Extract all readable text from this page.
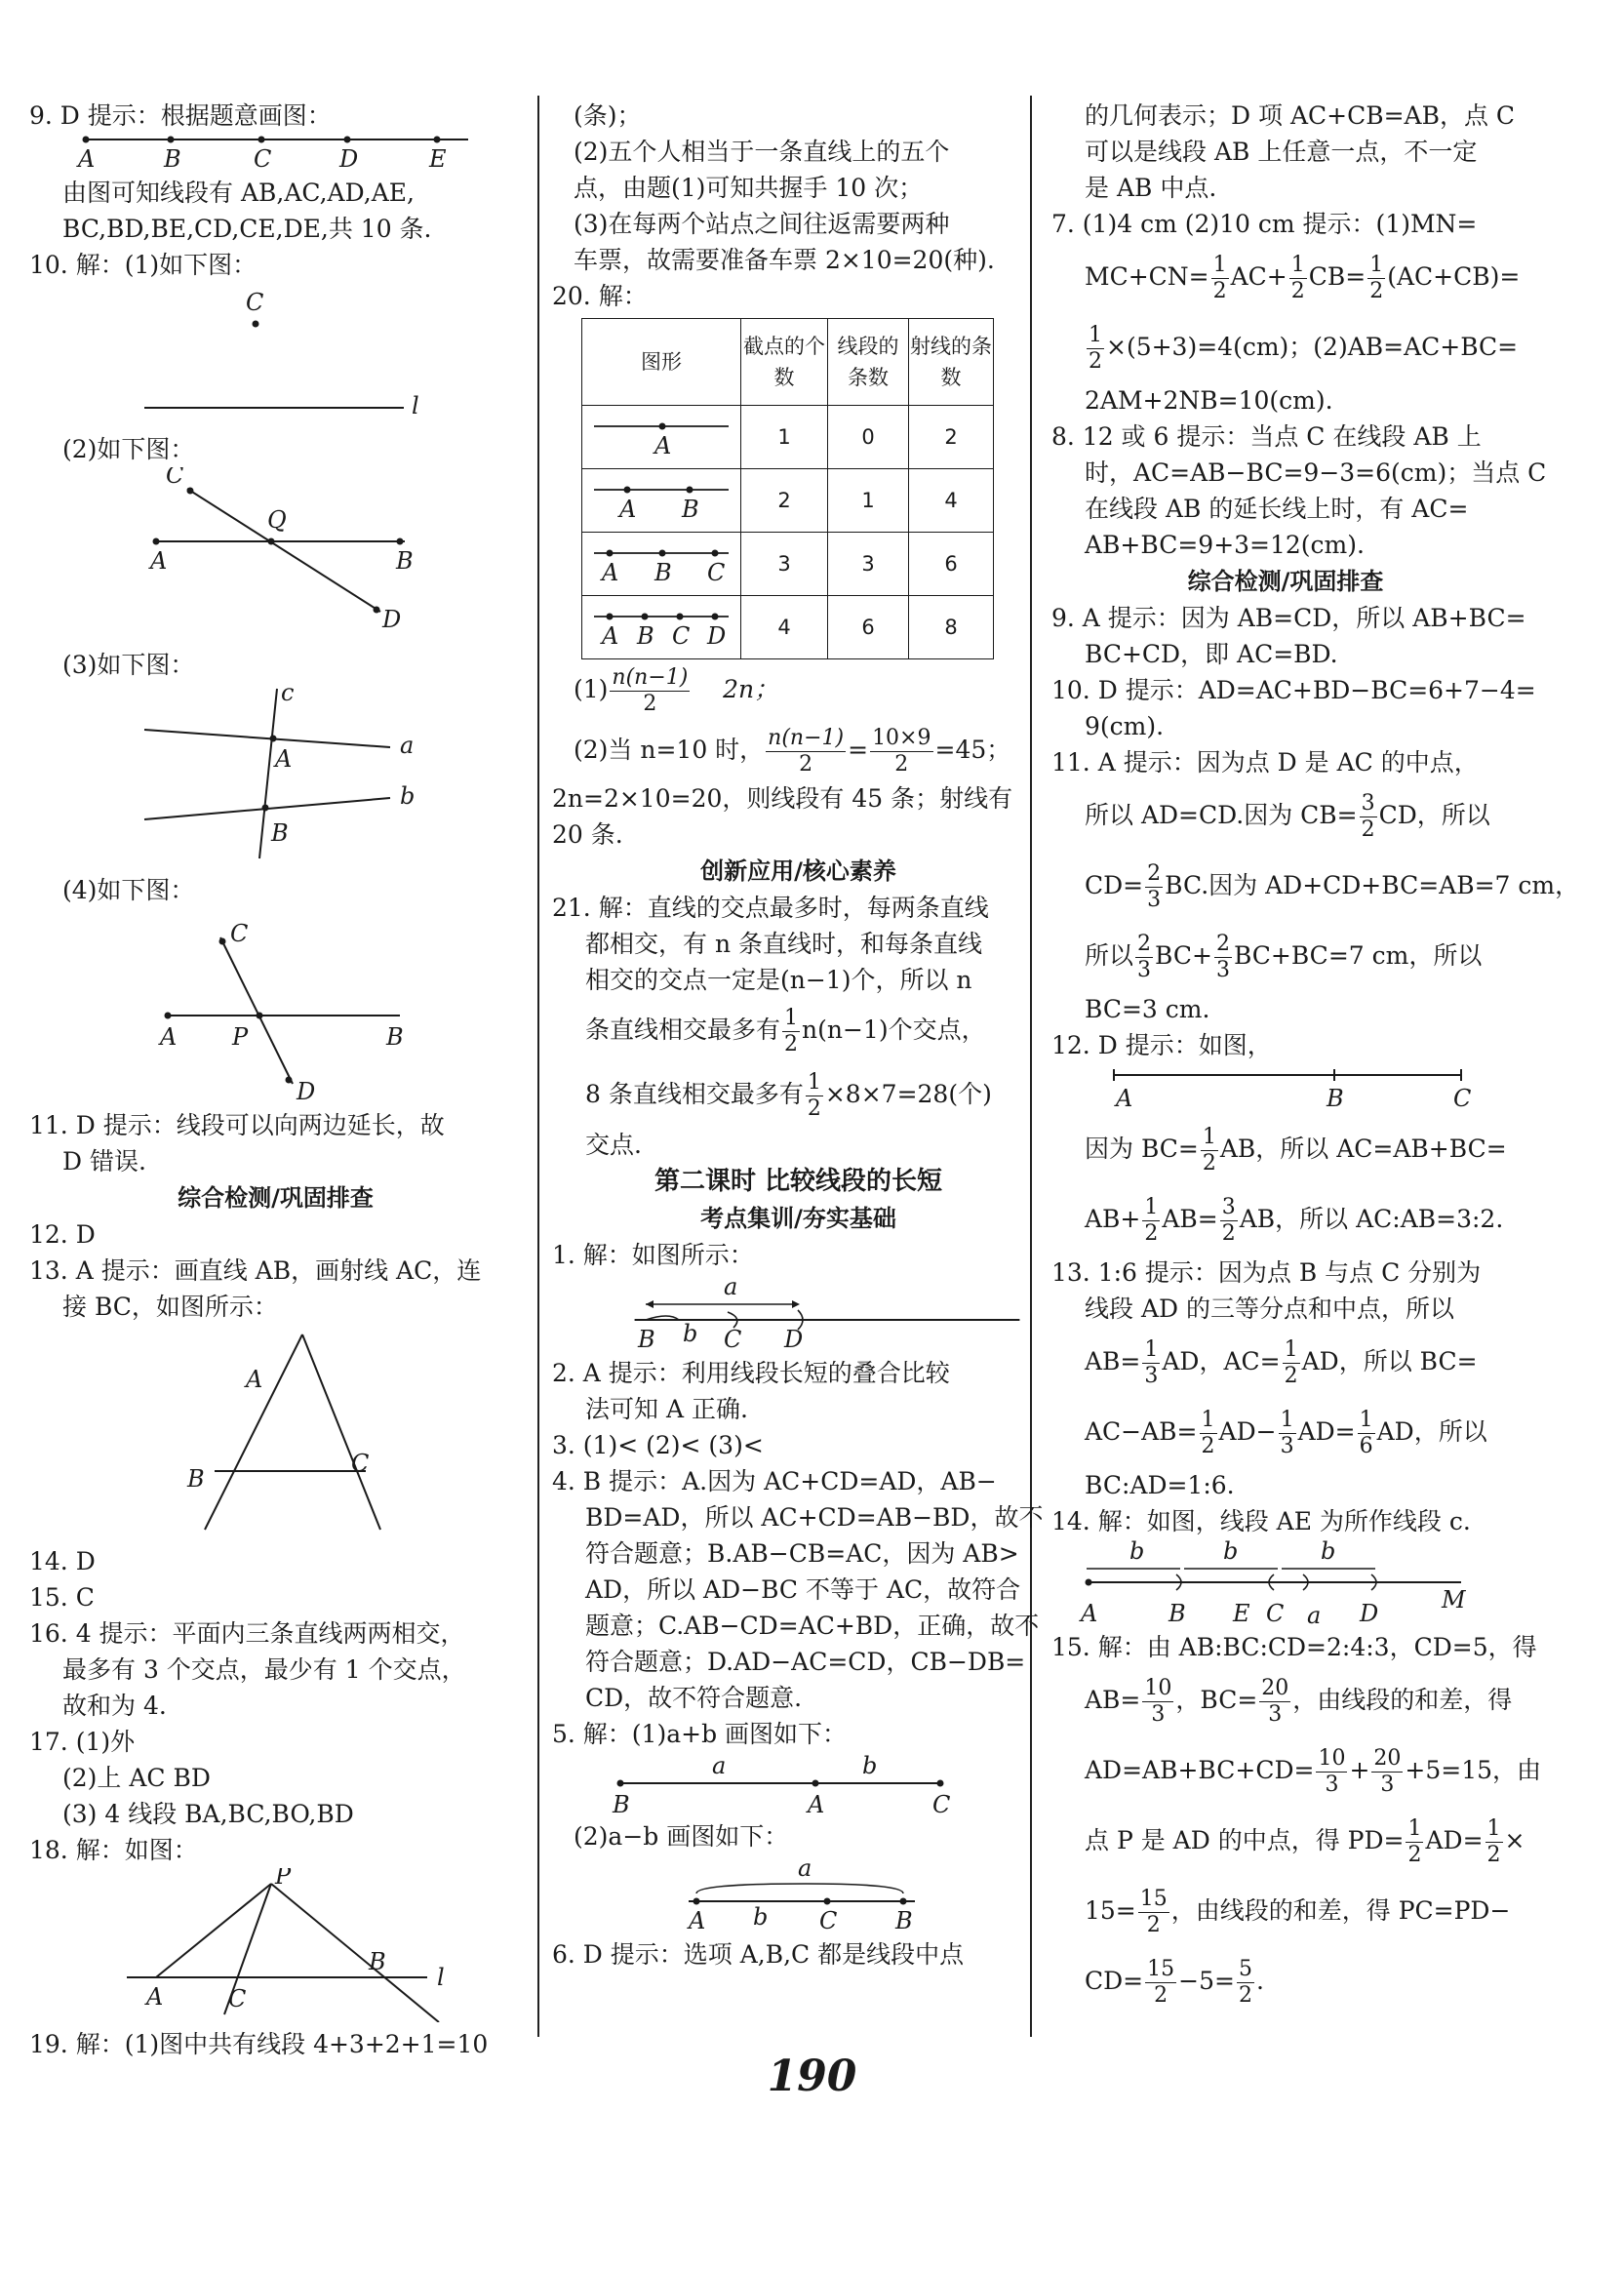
9. D 提示：根据题意画图：
A	B	C	D	E
由图可知线段有 AB,AC,AD,AE,
BC,BD,BE,CD,CE,DE,共 10 条.
10. 解：(1)如下图：
C
l
(2)如下图：
C
Q
A	B
D
(3)如下图：
c
a
A
b
B
(4)如下图：
C
A P	B
D
11. D 提示：线段可以向两边延长，故
D 错误.
综合检测/巩固排查
12. D
13. A 提示：画直线 AB，画射线 AC，连
接 BC，如图所示：
A
B
C
14. D
15. C
16. 4 提示：平面内三条直线两两相交，
最多有 3 个交点，最少有 1 个交点，
故和为 4.
17. (1)外
(2)上 AC BD
(3) 4 线段 BA,BC,BO,BD
18. 解：如图：
P
B
l
A	C
19. 解：(1)图中共有线段 4+3+2+1=10
(条)；
(2)五个人相当于一条直线上的五个
点，由题(1)可知共握手 10 次；
(3)在每两个站点之间往返需要两种
车票，故需要准备车票 2×10=20(种).
20. 解：
图形	截点的个数	线段的条数	射线的条数

A	1	0	2

A B	2	1	4

A B C	3	3	6

A B C D	4	6	8
$(1) \frac{n(n-1)}{2} 2n$；
(2)当 n=10 时， $\frac{n(n-1)}{2} = \frac{10\times 9}{2} =45$；
2n=2×10=20，则线段有 45 条；射线有
20 条.
创新应用/核心素养
21. 解：直线的交点最多时，每两条直线
都相交，有 n 条直线时，和每条直线
相交的交点一定是(n−1)个，所以 n
条直线相交最多有 $\frac{1}{2} n(n-1)$个交点，
8 条直线相交最多有 $\frac{1}{2} \times 8\times 7=28$(个)
交点.
第二课时 比较线段的长短
考点集训/夯实基础
1. 解：如图所示：
a
B b C D
2. A 提示：利用线段长短的叠合比较
法可知 A 正确.
3. (1)< (2)< (3)<
4. B 提示：A.因为 AC+CD=AD，AB−
BD=AD，所以 AC+CD=AB−BD，故不
符合题意；B.AB−CB=AC，因为 AB>
AD，所以 AD−BC 不等于 AC，故符合
题意；C.AB−CD=AC+BD，正确，故不
符合题意；D.AD−AC=CD，CB−DB=
CD，故不符合题意.
5. 解：(1)a+b 画图如下：
a	b
B	A	C
(2)a−b 画图如下：
a
A b C B
6. D 提示：选项 A,B,C 都是线段中点
的几何表示；D 项 AC+CB=AB，点 C
可以是线段 AB 上任意一点，不一定
是 AB 中点.
7. (1)4 cm (2)10 cm 提示：(1)MN=
$MC+CN= \frac{1}{2} AC+ \frac{1}{2} CB= \frac{1}{2} (AC+CB)=$
$\frac{1}{2} \times(5+3)=4(cm)$；(2)AB=AC+BC=
2AM+2NB=10(cm).
8. 12 或 6 提示：当点 C 在线段 AB 上
时，AC=AB−BC=9−3=6(cm)；当点 C
在线段 AB 的延长线上时，有 AC=
AB+BC=9+3=12(cm).
综合检测/巩固排查
9. A 提示：因为 AB=CD，所以 AB+BC=
BC+CD，即 AC=BD.
10. D 提示：AD=AC+BD−BC=6+7−4=
9(cm).
11. A 提示：因为点 D 是 AC 的中点，
所以 AD=CD.因为 $CB= \frac{3}{2}$ CD，所以
$CD= \frac{2}{3}$ BC.因为 AD+CD+BC=AB=7 cm，
所以 $\frac{2}{3} BC+ \frac{2}{3} BC+BC=7$ cm，所以
BC=3 cm.
12. D 提示：如图，
A	B	C
因为 $BC= \frac{1}{2}$ AB，所以 AC=AB+BC=
$AB+ \frac{1}{2} AB= \frac{3}{2}$ AB，所以 AC:AB=3:2.
13. 1:6 提示：因为点 B 与点 C 分别为
线段 AD 的三等分点和中点，所以
$AB= \frac{1}{3}$ AD，$AC= \frac{1}{2}$ AD，所以 BC=
$AC-AB= \frac{1}{2} AD- \frac{1}{3} AD= \frac{1}{6}$ AD，所以
BC:AD=1:6.
14. 解：如图，线段 AE 为所作线段 c.
b	b	b
A	B E C a D	M
15. 解：由 AB:BC:CD=2:4:3，CD=5，得
$AB= \frac{10}{3}$ ，$BC= \frac{20}{3}$ ，由线段的和差，得
$AD=AB+BC+CD= \frac{10}{3} + \frac{20}{3} +5=15$，由
点 P 是 AD 的中点，得 $PD= \frac{1}{2} AD= \frac{1}{2}$ ×
$15= \frac{15}{2}$ ，由线段的和差，得 PC=PD−
$CD= \frac{15}{2} -5= \frac{5}{2}$ .
190
